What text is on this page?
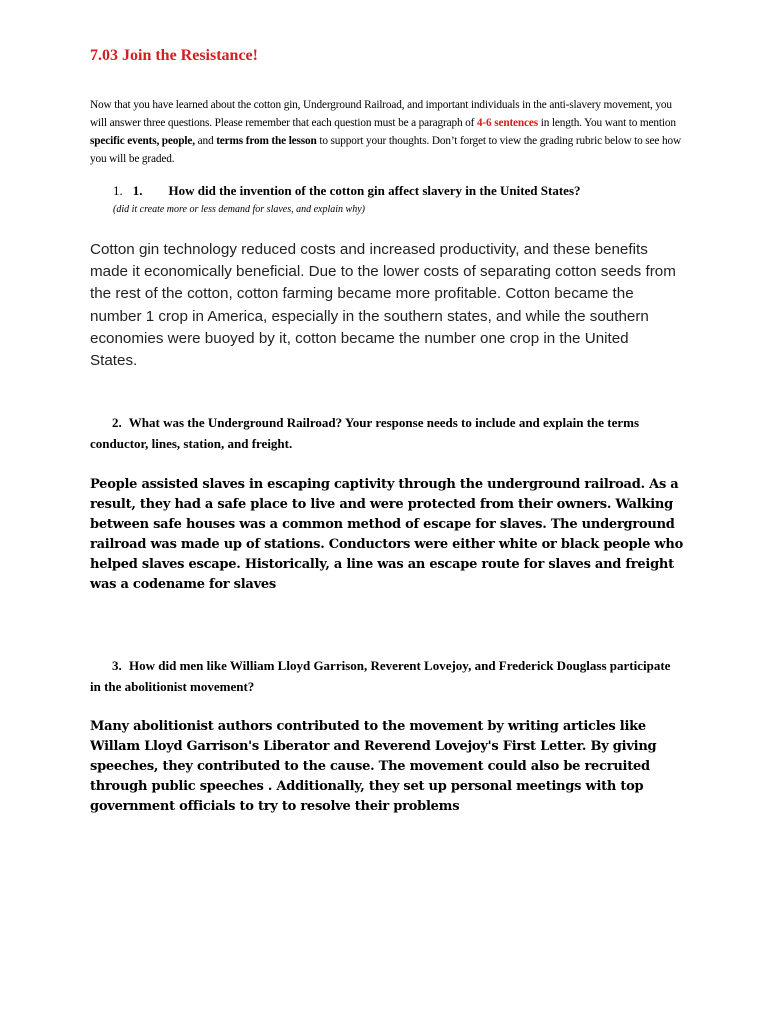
7.03 Join the Resistance!
Now that you have learned about the cotton gin, Underground Railroad, and important individuals in the anti-slavery movement, you will answer three questions. Please remember that each question must be a paragraph of 4-6 sentences in length. You want to mention specific events, people, and terms from the lesson to support your thoughts. Don’t forget to view the grading rubric below to see how you will be graded.
1. 1. How did the invention of the cotton gin affect slavery in the United States?
(did it create more or less demand for slaves, and explain why)
Cotton gin technology reduced costs and increased productivity, and these benefits made it economically beneficial. Due to the lower costs of separating cotton seeds from the rest of the cotton, cotton farming became more profitable. Cotton became the number 1 crop in America, especially in the southern states, and while the southern economies were buoyed by it, cotton became the number one crop in the United States.
2. What was the Underground Railroad? Your response needs to include and explain the terms conductor, lines, station, and freight.
People assisted slaves in escaping captivity through the underground railroad. As a result, they had a safe place to live and were protected from their owners. Walking between safe houses was a common method of escape for slaves. The underground railroad was made up of stations. Conductors were either white or black people who helped slaves escape. Historically, a line was an escape route for slaves and freight was a codename for slaves
3. How did men like William Lloyd Garrison, Reverent Lovejoy, and Frederick Douglass participate in the abolitionist movement?
Many abolitionist authors contributed to the movement by writing articles like Willam Lloyd Garrison's Liberator and Reverend Lovejoy's First Letter. By giving speeches, they contributed to the cause. The movement could also be recruited through public speeches . Additionally, they set up personal meetings with top government officials to try to resolve their problems
